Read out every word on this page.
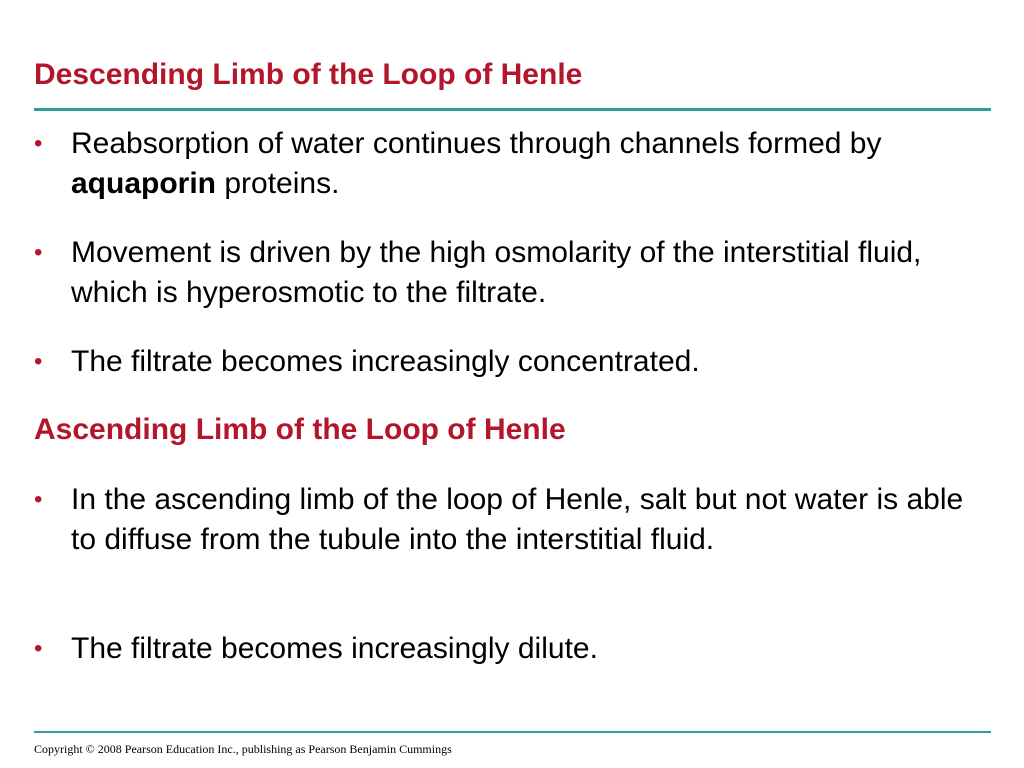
Descending Limb of the Loop of Henle
• Reabsorption of water continues through channels formed by aquaporin proteins.
• Movement is driven by the high osmolarity of the interstitial fluid, which is hyperosmotic to the filtrate.
• The filtrate becomes increasingly concentrated.
Ascending Limb of the Loop of Henle
• In the ascending limb of the loop of Henle, salt but not water is able to diffuse from the tubule into the interstitial fluid.
• The filtrate becomes increasingly dilute.
Copyright © 2008 Pearson Education Inc., publishing as Pearson Benjamin Cummings
